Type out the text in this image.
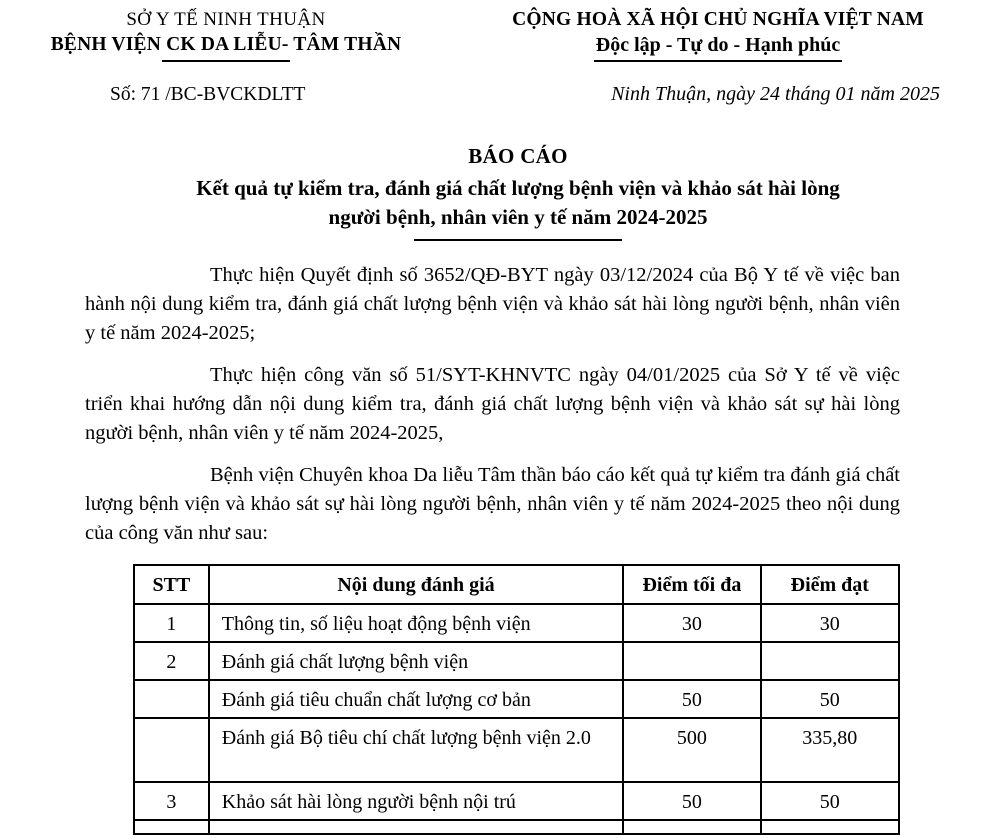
SỞ Y TẾ NINH THUẬN
BỆNH VIỆN CK DA LIỄU- TÂM THẦN
CỘNG HOÀ XÃ HỘI CHỦ NGHĨA VIỆT NAM
Độc lập - Tự do - Hạnh phúc
Số: 71 /BC-BVCKDLTT	Ninh Thuận, ngày 24 tháng 01 năm 2025
BÁO CÁO
Kết quả tự kiểm tra, đánh giá chất lượng bệnh viện và khảo sát hài lòng
người bệnh, nhân viên y tế năm 2024-2025

Thực hiện Quyết định số 3652/QĐ-BYT ngày 03/12/2024 của Bộ Y tế về việc ban hành nội dung kiểm tra, đánh giá chất lượng bệnh viện và khảo sát hài lòng người bệnh, nhân viên y tế năm 2024-2025;

Thực hiện công văn số 51/SYT-KHNVTC ngày 04/01/2025 của Sở Y tế về việc triển khai hướng dẫn nội dung kiểm tra, đánh giá chất lượng bệnh viện và khảo sát sự hài lòng người bệnh, nhân viên y tế năm 2024-2025,

Bệnh viện Chuyên khoa Da liễu Tâm thần báo cáo kết quả tự kiểm tra đánh giá chất lượng bệnh viện và khảo sát sự hài lòng người bệnh, nhân viên y tế năm 2024-2025 theo nội dung của công văn như sau:

STT	Nội dung đánh giá	Điểm tối đa	Điểm đạt
1	Thông tin, số liệu hoạt động bệnh viện	30	30
2	Đánh giá chất lượng bệnh viện		
	Đánh giá tiêu chuẩn chất lượng cơ bản	50	50
	Đánh giá Bộ tiêu chí chất lượng bệnh viện 2.0	500	335,80
3	Khảo sát hài lòng người bệnh nội trú	50	50
